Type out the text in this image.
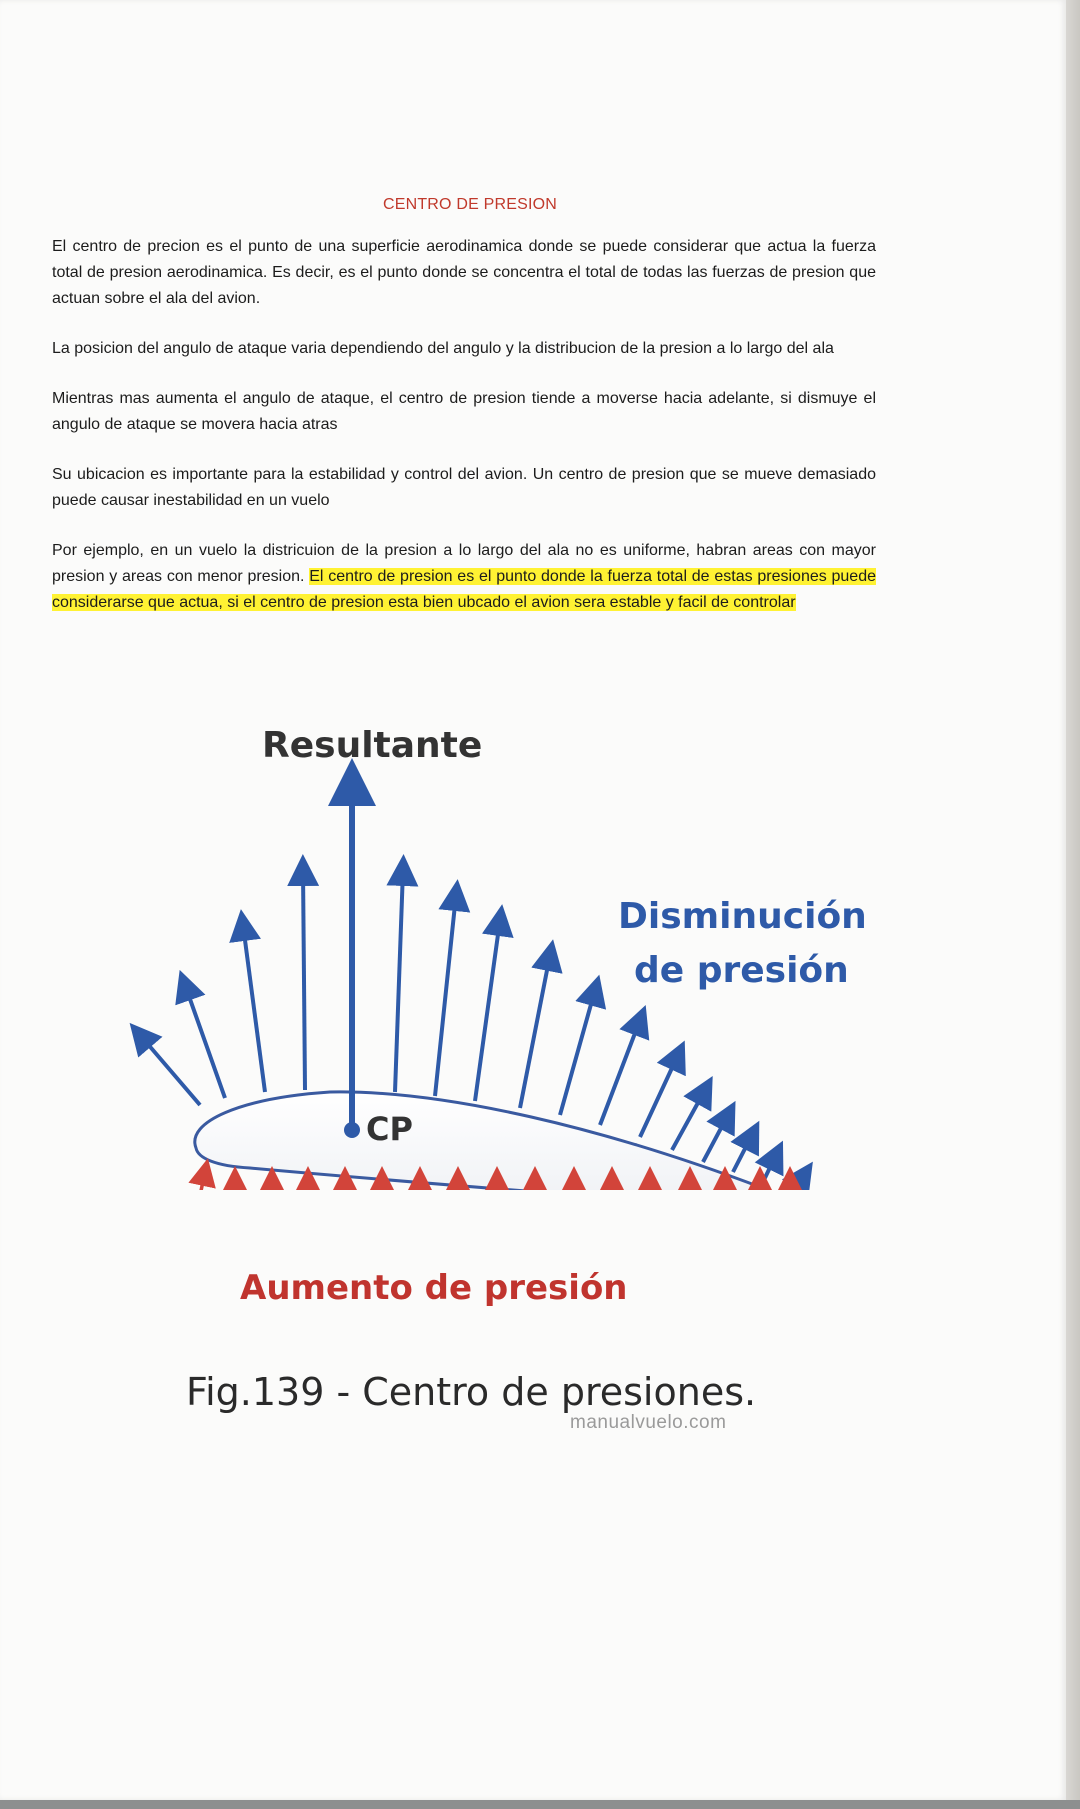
CENTRO DE PRESION

El centro de precion es el punto de una superficie aerodinamica donde se puede considerar que actua la fuerza total de presion aerodinamica. Es decir, es el punto donde se concentra el total de todas las fuerzas de presion que actuan sobre el ala del avion.

La posicion del angulo de ataque varia dependiendo del angulo y la distribucion de la presion a lo largo del ala

Mientras mas aumenta el angulo de ataque, el centro de presion tiende a moverse hacia adelante, si dismuye el angulo de ataque se movera hacia atras

Su ubicacion es importante para la estabilidad y control del avion. Un centro de presion que se mueve demasiado puede causar inestabilidad en un vuelo

Por ejemplo, en un vuelo la districuion de la presion a lo largo del ala no es uniforme, habran areas con mayor presion y areas con menor presion. El centro de presion es el punto donde la fuerza total de estas presiones puede considerarse que actua, si el centro de presion esta bien ubcado el avion sera estable y facil de controlar

Resultante
Disminución
de presión
CP
Aumento de presión
Fig.139 - Centro de presiones.
manualvuelo.com
